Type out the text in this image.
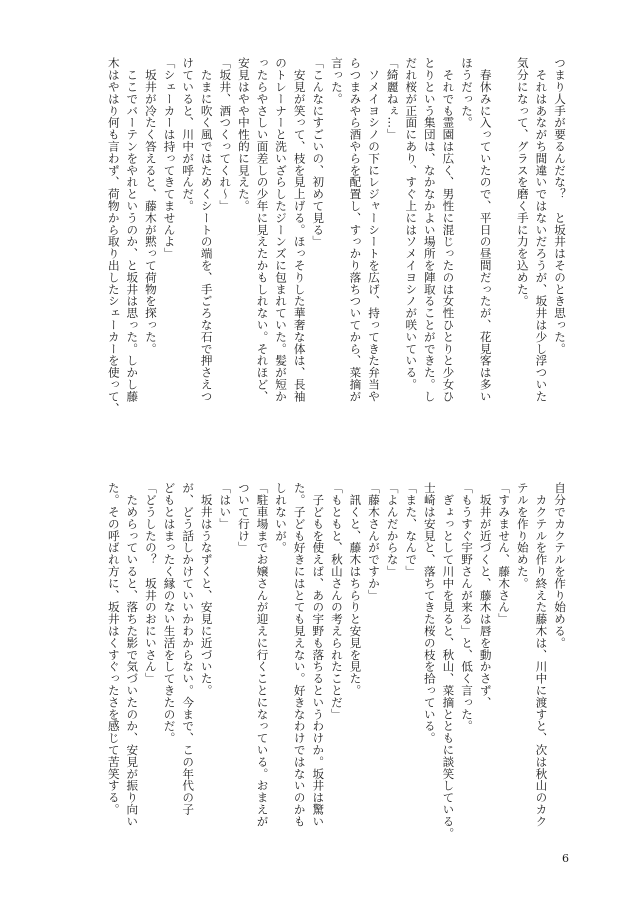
つまり人手が要るんだな？　と坂井はそのとき思った。

　それはあながち間違いではないだろうが、坂井は少し浮ついた

気分になって、グラスを磨く手に力を込めた。

　春休みに入っていたので、平日の昼間だったが、花見客は多い

ほうだった。

　それでも霊園は広く、男性に混じったのは女性ひとりと少女ひ

とりという集団は、なかなかよい場所を陣取ることができた。し

だれ桜が正面にあり、すぐ上にはソメイヨシノが咲いている。

「綺麗ねぇ…」

　ソメイヨシノの下にレジャーシートを広げ、持ってきた弁当や

らつまみやら酒やらを配置し、すっかり落ちついてから、菜摘が

言った。

「こんなにすごいの、初めて見る」

　安見が笑って、枝を見上げる。ほっそりした華奢な体は、長袖

のトレーナーと洗いざらしたジーンズに包まれていた。髪が短か

ったらやさしい面差しの少年に見えたかもしれない。それほど、

安見はやや中性的に見えた。

「坂井、酒つくってくれ〜」

　たまに吹く風ではためくシートの端を、手ごろな石で押さえつ

けていると、川中が呼んだ。

「シェーカーは持ってきてませんよ」

　坂井が冷たく答えると、藤木が黙って荷物を探った。

　ここでバーテンをやれというのか、と坂井は思った。しかし藤

木はやはり何も言わず、荷物から取り出したシェーカーを使って、

自分でカクテルを作り始める。

　カクテルを作り終えた藤木は、川中に渡すと、次は秋山のカク

テルを作り始めた。

「すみません、藤木さん」

　坂井が近づくと、藤木は唇を動かさず、

「もうすぐ宇野さんが来る」と、低く言った。

　ぎょっとして川中を見ると、秋山、菜摘とともに談笑している。

士崎は安見と、落ちてきた桜の枝を拾っている。

「また、なんで」

「よんだからな」

「藤木さんがですか」

　訊くと、藤木はちらりと安見を見た。

「もともと、秋山さんの考えられたことだ」

　子どもを使えば、あの宇野も落ちるというわけか。坂井は驚い

た。子ども好きにはとても見えない。好きなわけではないのかも

しれないが。

「駐車場までお嬢さんが迎えに行くことになっている。おまえが

ついて行け」

「はい」

　坂井はうなずくと、安見に近づいた。

が、どう話しかけていいかわからない。今まで、この年代の子

どもとはまったく縁のない生活をしてきたのだ。

「どうしたの？　坂井のおにいさん」

　ためらっていると、落ちた影で気づいたのか、安見が振り向い

た。その呼ばれ方に、坂井はくすぐったさを感じて苦笑する。

6
